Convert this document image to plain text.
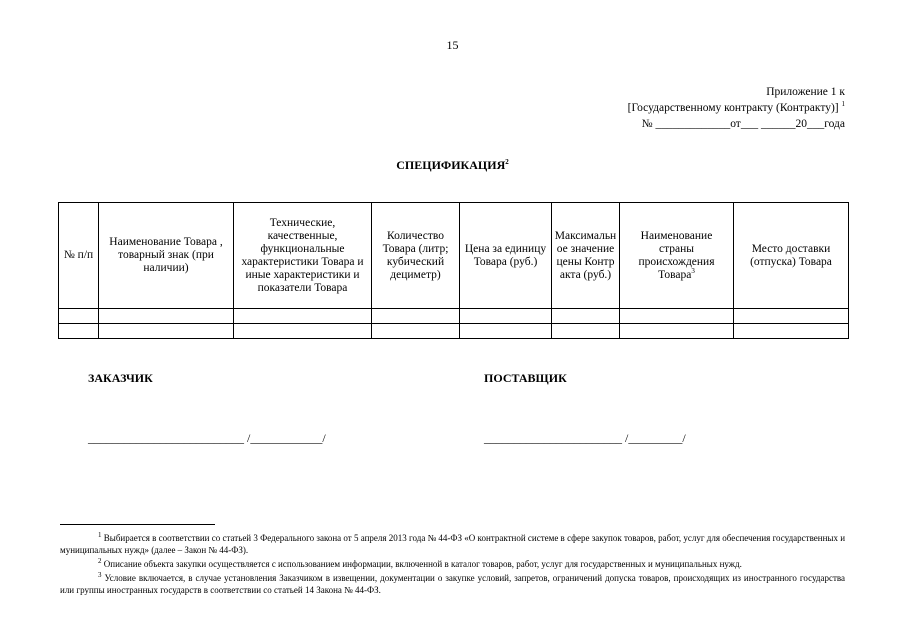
15
Приложение 1 к
[Государственному контракту (Контракту)] $^1$
№ _____________от___ ______20___года
СПЕЦИФИКАЦИЯ$^2$
№ п/п	Наименование Товара , товарный знак (при наличии)	Технические, качественные, функциональные характеристики Товара и иные характеристики и показатели Товара	Количество Товара (литр; кубический дециметр)	Цена за единицу Товара (руб.)	Максимальное значение цены Контракта (руб.)	Наименование страны происхождения Товара$^3$	Место доставки (отпуска) Товара

ЗАКАЗЧИК	ПОСТАВЩИК
__________________________ /____________/	_______________________ /_________/

$^1$ Выбирается в соответствии со статьей 3 Федерального закона от 5 апреля 2013 года № 44-ФЗ «О контрактной системе в сфере закупок товаров, работ, услуг для обеспечения государственных и муниципальных нужд» (далее – Закон № 44-ФЗ).

$^2$ Описание объекта закупки осуществляется с использованием информации, включенной в каталог товаров, работ, услуг для государственных и муниципальных нужд.

$^3$ Условие включается, в случае установления Заказчиком в извещении, документации о закупке условий, запретов, ограничений допуска товаров, происходящих из иностранного государства или группы иностранных государств в соответствии со статьей 14 Закона № 44-ФЗ.
